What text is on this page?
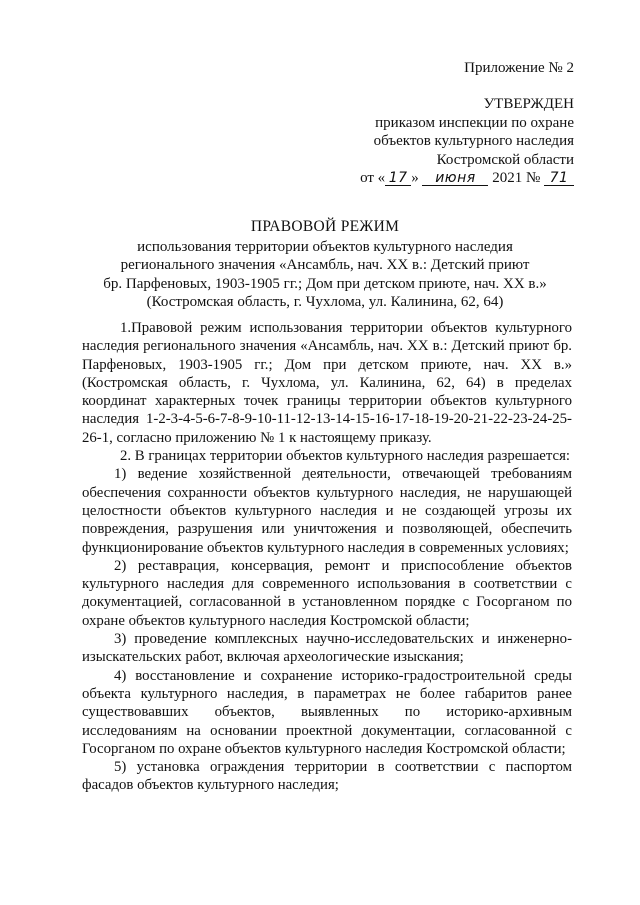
Приложение № 2
УТВЕРЖДЕН
приказом инспекции по охране
объектов культурного наследия
Костромской области
от « 17 » июня 2021 № 71
ПРАВОВОЙ РЕЖИМ
использования территории объектов культурного наследия
регионального значения «Ансамбль, нач. XX в.: Детский приют
бр. Парфеновых, 1903-1905 гг.; Дом при детском приюте, нач. XX в.»
(Костромская область, г. Чухлома, ул. Калинина, 62, 64)

1.Правовой режим использования территории объектов культурного наследия регионального значения «Ансамбль, нач. XX в.: Детский приют бр. Парфеновых, 1903-1905 гг.; Дом при детском приюте, нач. XX в.» (Костромская область, г. Чухлома, ул. Калинина, 62, 64) в пределах координат характерных точек границы территории объектов культурного наследия 1-2-3-4-5-6-7-8-9-10-11-12-13-14-15-16-17-18-19-20-21-22-23-24-25-26-1, согласно приложению № 1 к настоящему приказу.

2. В границах территории объектов культурного наследия разрешается:

1) ведение хозяйственной деятельности, отвечающей требованиям обеспечения сохранности объектов культурного наследия, не нарушающей целостности объектов культурного наследия и не создающей угрозы их повреждения, разрушения или уничтожения и позволяющей, обеспечить функционирование объектов культурного наследия в современных условиях;

2) реставрация, консервация, ремонт и приспособление объектов культурного наследия для современного использования в соответствии с документацией, согласованной в установленном порядке с Госорганом по охране объектов культурного наследия Костромской области;

3) проведение комплексных научно-исследовательских и инженерно-изыскательских работ, включая археологические изыскания;

4) восстановление и сохранение историко-градостроительной среды объекта культурного наследия, в параметрах не более габаритов ранее существовавших объектов, выявленных по историко-архивным исследованиям на основании проектной документации, согласованной с Госорганом по охране объектов культурного наследия Костромской области;

5) установка ограждения территории в соответствии с паспортом фасадов объектов культурного наследия;
